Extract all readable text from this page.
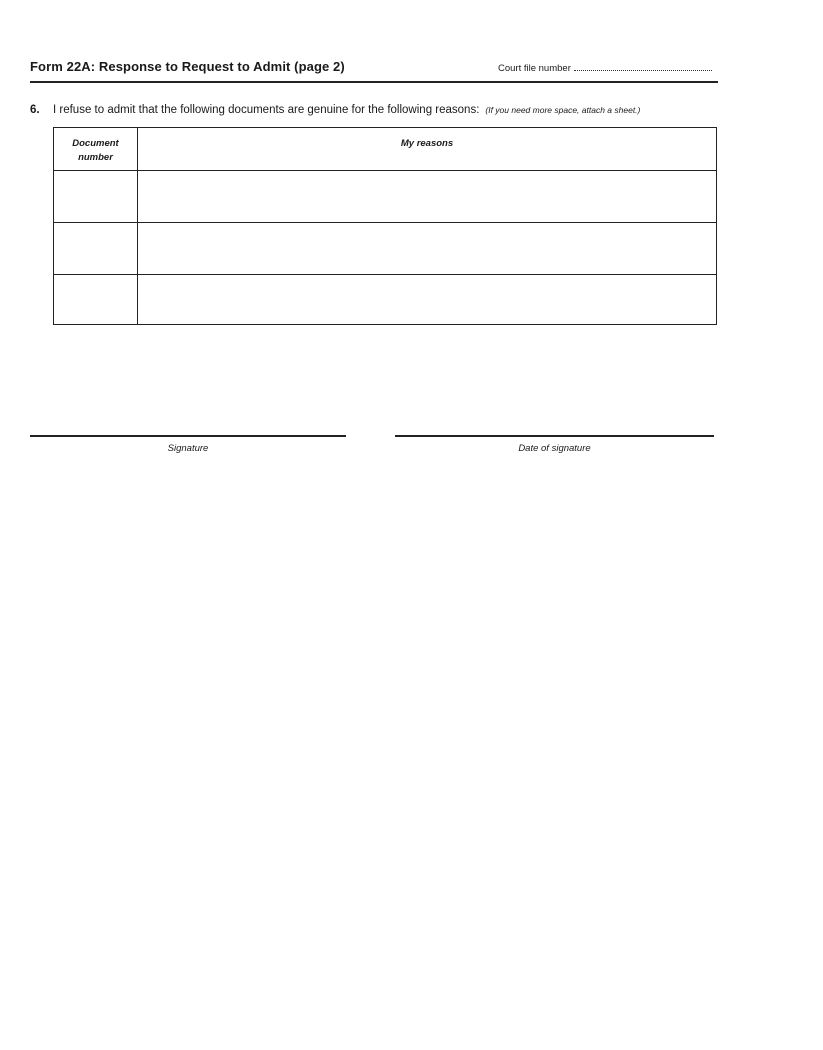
Form 22A: Response to Request to Admit (page 2)	Court file number
6. I refuse to admit that the following documents are genuine for the following reasons: (If you need more space, attach a sheet.)
Document
number	My reasons

Signature	Date of signature
